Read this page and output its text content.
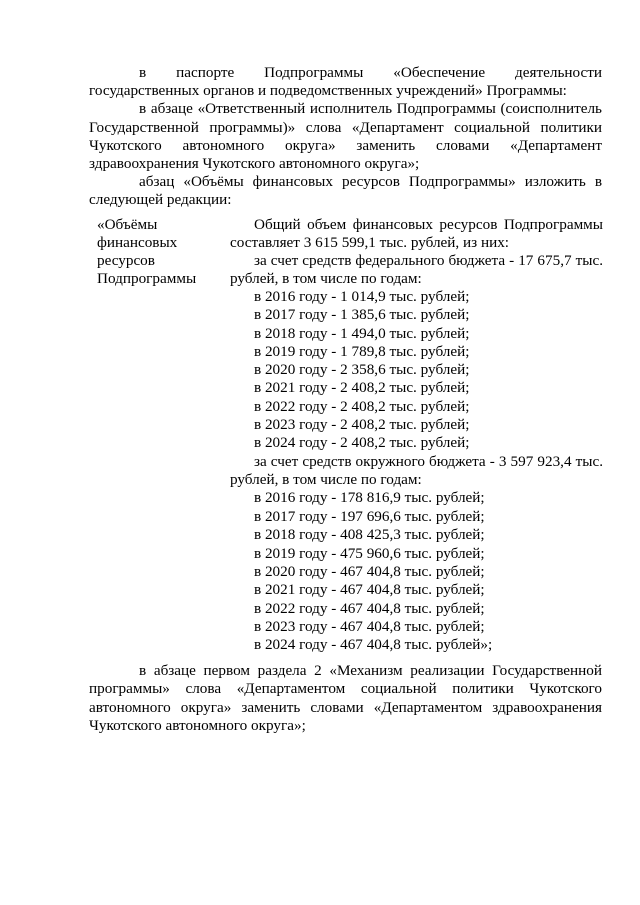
в паспорте Подпрограммы «Обеспечение деятельности
государственных органов и подведомственных учреждений» Программы:
в абзаце «Ответственный исполнитель Подпрограммы (соисполнитель
Государственной программы)» слова «Департамент социальной политики
Чукотского автономного округа» заменить словами «Департамент
здравоохранения Чукотского автономного округа»;
абзац «Объёмы финансовых ресурсов Подпрограммы» изложить в
следующей редакции:
«Объёмы
финансовых
ресурсов
Подпрограммы
Общий объем финансовых ресурсов Подпрограммы
составляет 3 615 599,1 тыс. рублей, из них:
за счет средств федерального бюджета - 17 675,7 тыс.
рублей, в том числе по годам:
в 2016 году - 1 014,9 тыс. рублей;
в 2017 году - 1 385,6 тыс. рублей;
в 2018 году - 1 494,0 тыс. рублей;
в 2019 году - 1 789,8 тыс. рублей;
в 2020 году - 2 358,6 тыс. рублей;
в 2021 году - 2 408,2 тыс. рублей;
в 2022 году - 2 408,2 тыс. рублей;
в 2023 году - 2 408,2 тыс. рублей;
в 2024 году - 2 408,2 тыс. рублей;
за счет средств окружного бюджета - 3 597 923,4 тыс.
рублей, в том числе по годам:
в 2016 году - 178 816,9 тыс. рублей;
в 2017 году - 197 696,6 тыс. рублей;
в 2018 году - 408 425,3 тыс. рублей;
в 2019 году - 475 960,6 тыс. рублей;
в 2020 году - 467 404,8 тыс. рублей;
в 2021 году - 467 404,8 тыс. рублей;
в 2022 году - 467 404,8 тыс. рублей;
в 2023 году - 467 404,8 тыс. рублей;
в 2024 году - 467 404,8 тыс. рублей»;
в абзаце первом раздела 2 «Механизм реализации Государственной
программы» слова «Департаментом социальной политики Чукотского
автономного округа» заменить словами «Департаментом здравоохранения
Чукотского автономного округа»;
